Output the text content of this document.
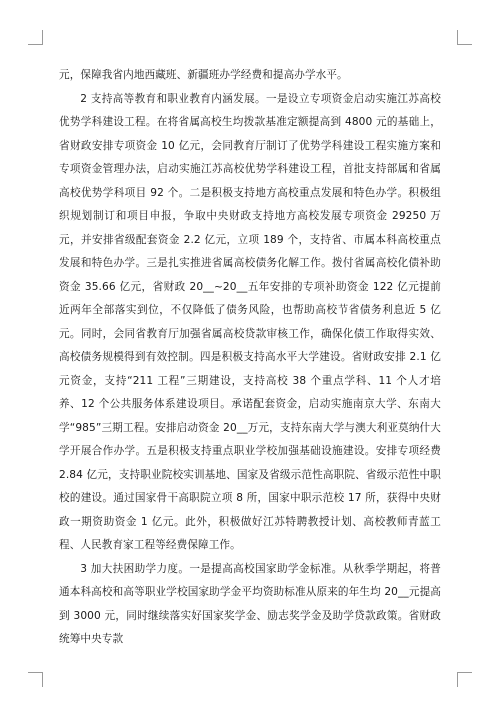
元，保障我省内地西藏班、新疆班办学经费和提高办学水平。

2 支持高等教育和职业教育内涵发展。一是设立专项资金启动实施江苏高校优势学科建设工程。在将省属高校生均拨款基准定额提高到 4800 元的基础上，省财政安排专项资金 10 亿元，会同教育厅制订了优势学科建设工程实施方案和专项资金管理办法，启动实施江苏高校优势学科建设工程，首批支持部属和省属高校优势学科项目 92 个。二是积极支持地方高校重点发展和特色办学。积极组织规划制订和项目申报，争取中央财政支持地方高校发展专项资金 29250 万元，并安排省级配套资金 2.2 亿元，立项 189 个，支持省、市属本科高校重点发展和特色办学。三是扎实推进省属高校债务化解工作。拨付省属高校化债补助资金 35.66 亿元，省财政 20__~20__五年安排的专项补助资金 122 亿元提前近两年全部落实到位，不仅降低了债务风险，也帮助高校节省债务利息近 5 亿元。同时，会同省教育厅加强省属高校贷款审核工作，确保化债工作取得实效、高校债务规模得到有效控制。四是积极支持高水平大学建设。省财政安排 2.1 亿元资金，支持“211 工程”三期建设，支持高校 38 个重点学科、11 个人才培养、12 个公共服务体系建设项目。承诺配套资金，启动实施南京大学、东南大学“985”三期工程。安排启动资金 20__万元，支持东南大学与澳大利亚莫纳什大学开展合作办学。五是积极支持重点职业学校加强基础设施建设。安排专项经费 2.84 亿元，支持职业院校实训基地、国家及省级示范性高职院、省级示范性中职校的建设。通过国家骨干高职院立项 8 所，国家中职示范校 17 所，获得中央财政一期资助资金 1 亿元。此外，积极做好江苏特聘教授计划、高校教师青蓝工程、人民教育家工程等经费保障工作。

3 加大扶困助学力度。一是提高高校国家助学金标准。从秋季学期起，将普通本科高校和高等职业学校国家助学金平均资助标准从原来的年生均 20__元提高到 3000 元，同时继续落实好国家奖学金、励志奖学金及助学贷款政策。省财政统筹中央专款
